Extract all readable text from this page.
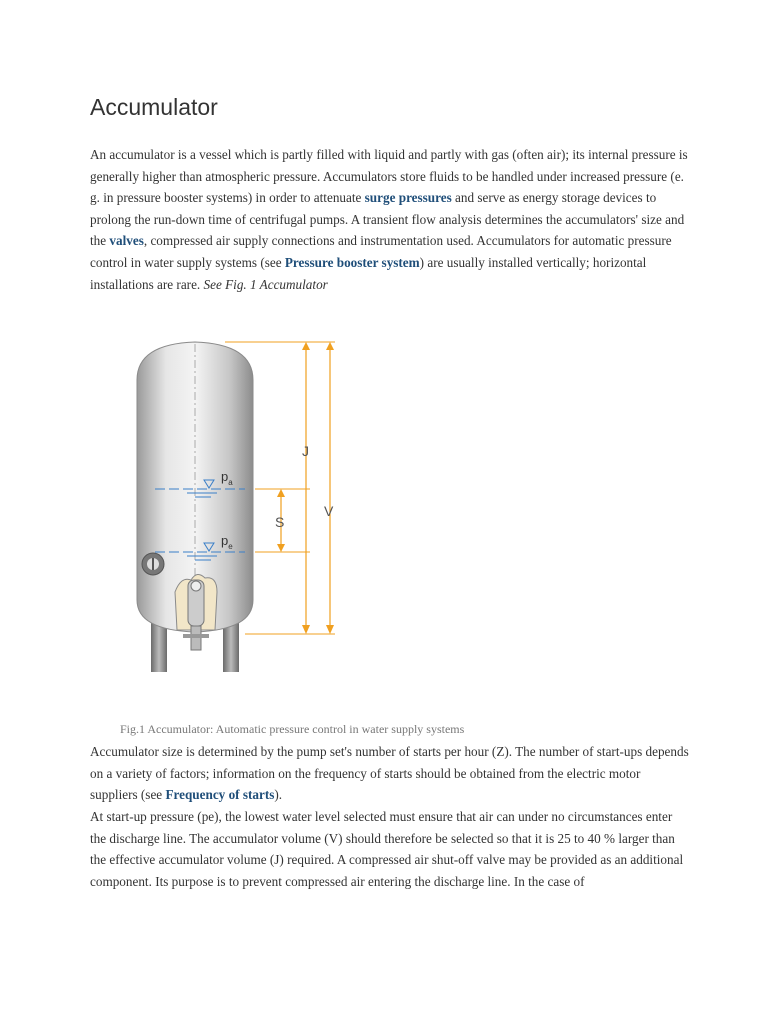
Accumulator

An accumulator is a vessel which is partly filled with liquid and partly with gas (often air); its internal pressure is generally higher than atmospheric pressure. Accumulators store fluids to be handled under increased pressure (e. g. in pressure booster systems) in order to attenuate surge pressures and serve as energy storage devices to prolong the run-down time of centrifugal pumps. A transient flow analysis determines the accumulators' size and the valves, compressed air supply connections and instrumentation used. Accumulators for automatic pressure control in water supply systems (see Pressure booster system) are usually installed vertically; horizontal installations are rare. See Fig. 1 Accumulator

$p_a$
$p_e$
S
J
V

Fig.1 Accumulator: Automatic pressure control in water supply systems

Accumulator size is determined by the pump set's number of starts per hour (Z). The number of start-ups depends on a variety of factors; information on the frequency of starts should be obtained from the electric motor suppliers (see Frequency of starts).

At start-up pressure (pe), the lowest water level selected must ensure that air can under no circumstances enter the discharge line. The accumulator volume (V) should therefore be selected so that it is 25 to 40 % larger than the effective accumulator volume (J) required. A compressed air shut-off valve may be provided as an additional component. Its purpose is to prevent compressed air entering the discharge line. In the case of
